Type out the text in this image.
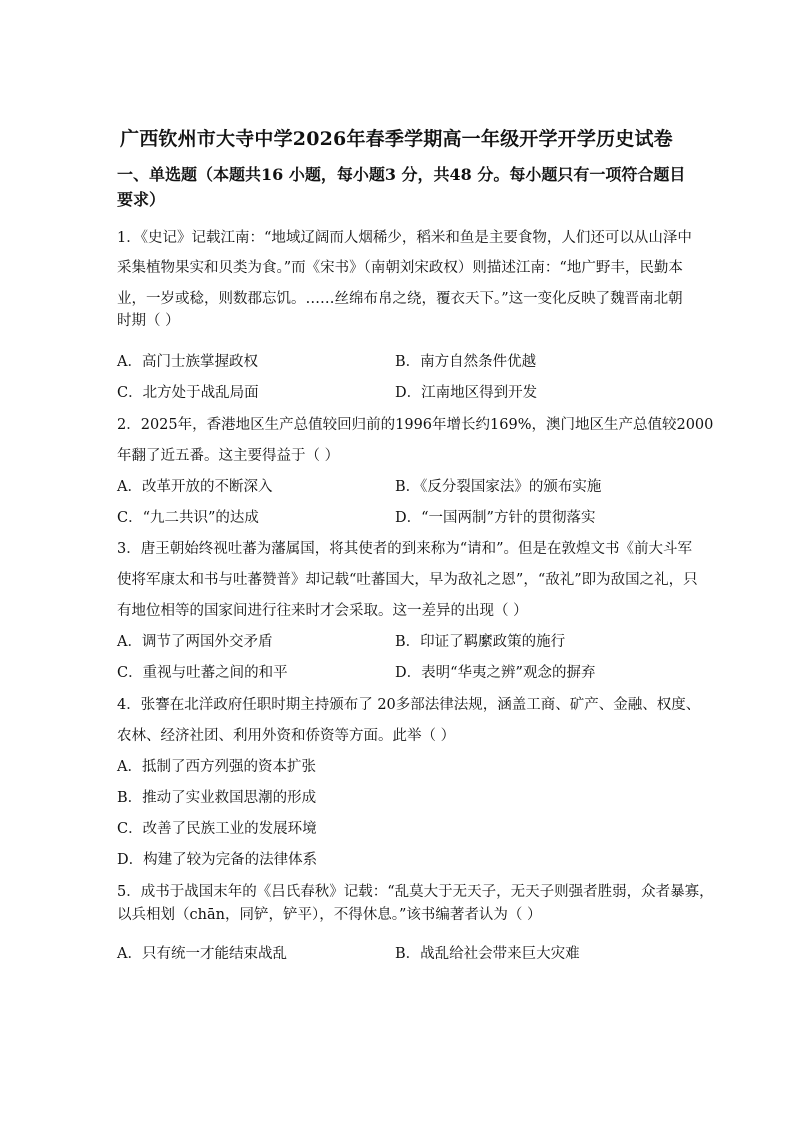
广西钦州市大寺中学2026年春季学期高一年级开学开学历史试卷
一、单选题（本题共16 小题，每小题3 分，共48 分。每小题只有一项符合题目要求）
1．《史记》记载江南：“地域辽阔而人烟稀少，稻米和鱼是主要食物，人们还可以从山泽中
采集植物果实和贝类为食。”而《宋书》（南朝刘宋政权）则描述江南：“地广野丰，民勤本
业，一岁或稔，则数郡忘饥。……丝绵布帛之绕，覆衣天下。”这一变化反映了魏晋南北朝
时期（ ）
A．高门士族掌握政权	B．南方自然条件优越
C．北方处于战乱局面	D．江南地区得到开发
2．2025年，香港地区生产总值较回归前的1996年增长约169%，澳门地区生产总值较2000
年翻了近五番。这主要得益于（ ）
A．改革开放的不断深入	B．《反分裂国家法》的颁布实施
C．“九二共识”的达成	D．“一国两制”方针的贯彻落实
3．唐王朝始终视吐蕃为藩属国，将其使者的到来称为“请和”。但是在敦煌文书《前大斗军
使将军康太和书与吐蕃赞普》却记载“吐蕃国大，早为敌礼之恩”，“敌礼”即为敌国之礼，只
有地位相等的国家间进行往来时才会采取。这一差异的出现（ ）
A．调节了两国外交矛盾	B．印证了羁縻政策的施行
C．重视与吐蕃之间的和平	D．表明“华夷之辨”观念的摒弃
4．张謇在北洋政府任职时期主持颁布了 20多部法律法规，涵盖工商、矿产、金融、权度、
农林、经济社团、利用外资和侨资等方面。此举（ ）
A．抵制了西方列强的资本扩张
B．推动了实业救国思潮的形成
C．改善了民族工业的发展环境
D．构建了较为完备的法律体系
5．成书于战国末年的《吕氏春秋》记载：“乱莫大于无天子，无天子则强者胜弱，众者暴寡，
以兵相划（chān，同铲，铲平），不得休息。”该书编著者认为（ ）
A．只有统一才能结束战乱	B．战乱给社会带来巨大灾难
